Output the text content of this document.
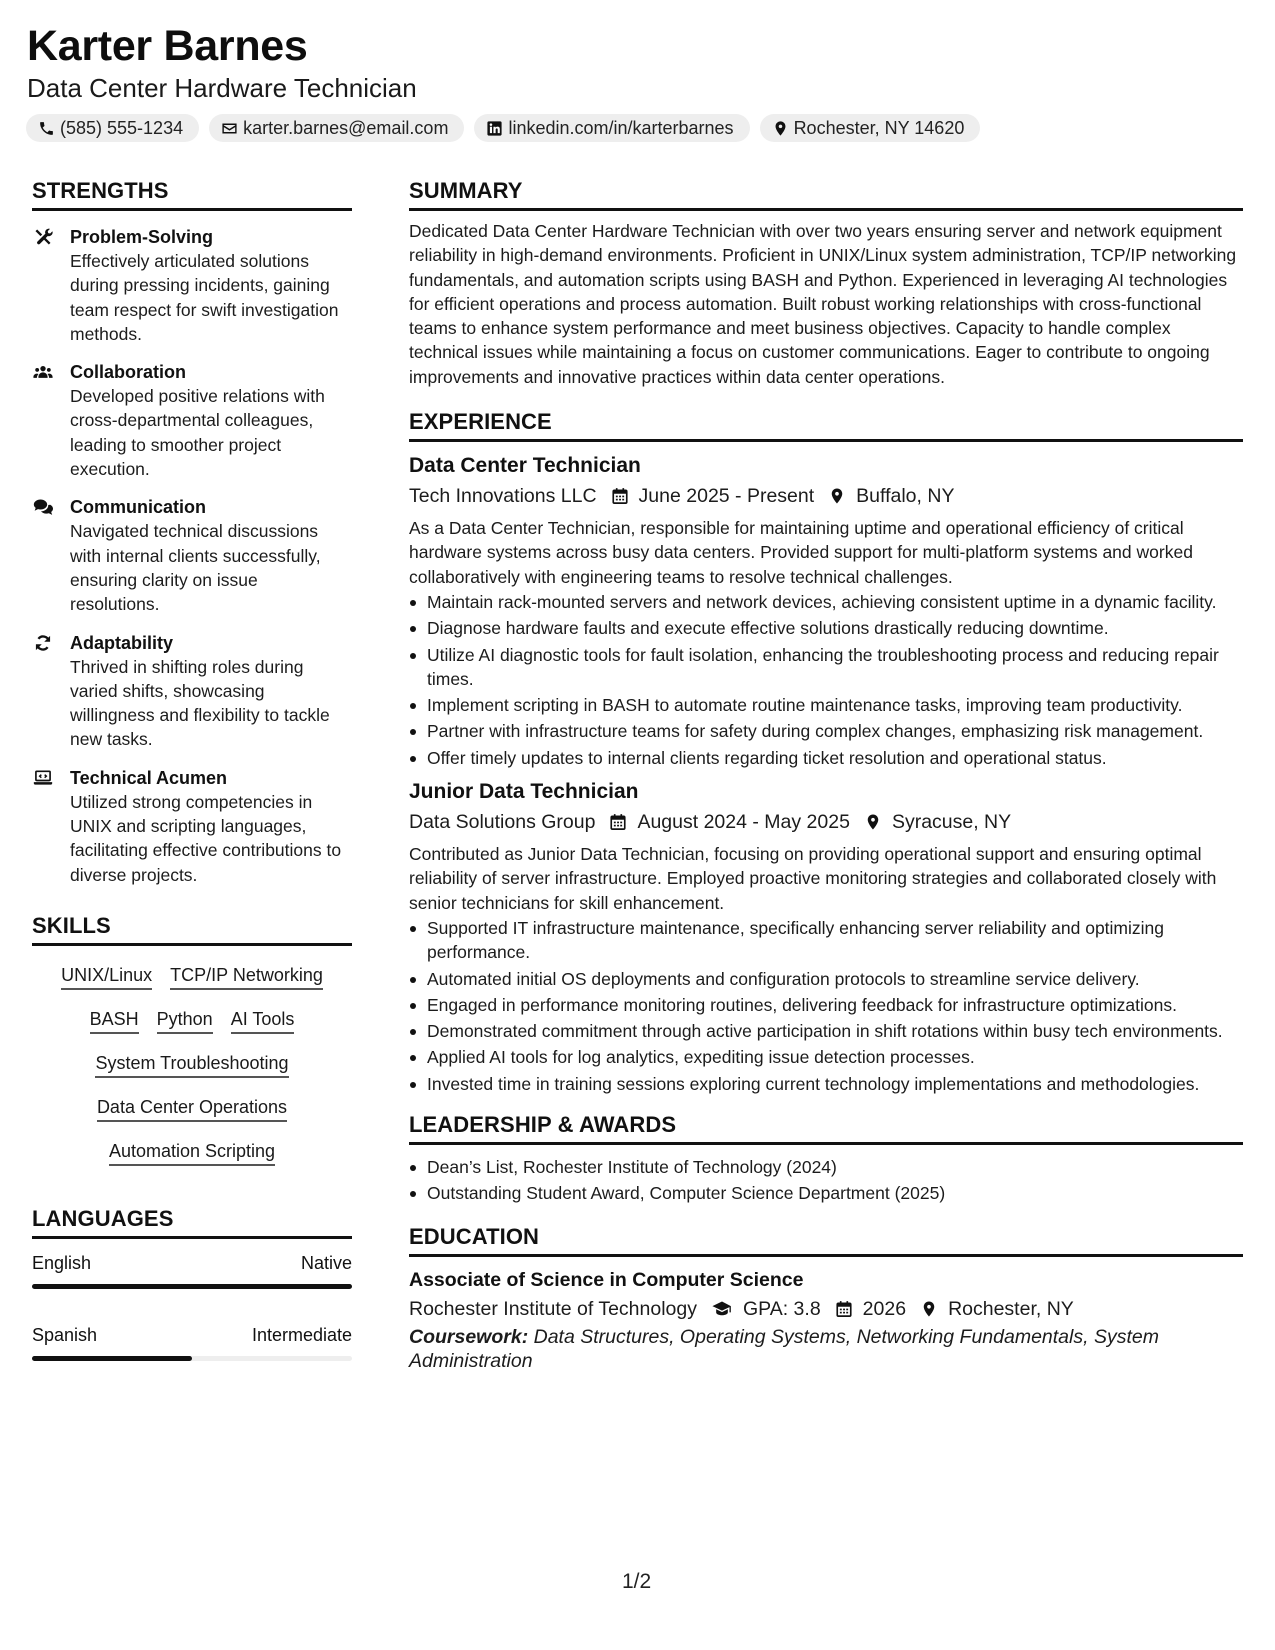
Karter Barnes
Data Center Hardware Technician
(585) 555-1234	karter.barnes@email.com	linkedin.com/in/karterbarnes	Rochester, NY 14620
STRENGTHS
Problem-Solving
Effectively articulated solutions during pressing incidents, gaining team respect for swift investigation methods.
Collaboration
Developed positive relations with cross-departmental colleagues, leading to smoother project execution.
Communication
Navigated technical discussions with internal clients successfully, ensuring clarity on issue resolutions.
Adaptability
Thrived in shifting roles during varied shifts, showcasing willingness and flexibility to tackle new tasks.
Technical Acumen
Utilized strong competencies in UNIX and scripting languages, facilitating effective contributions to diverse projects.
SKILLS
UNIX/Linux TCP/IP Networking
BASH Python AI Tools
System Troubleshooting
Data Center Operations
Automation Scripting
LANGUAGES
English	Native
Spanish	Intermediate
SUMMARY
Dedicated Data Center Hardware Technician with over two years ensuring server and network equipment reliability in high-demand environments. Proficient in UNIX/Linux system administration, TCP/IP networking fundamentals, and automation scripts using BASH and Python. Experienced in leveraging AI technologies for efficient operations and process automation. Built robust working relationships with cross-functional teams to enhance system performance and meet business objectives. Capacity to handle complex technical issues while maintaining a focus on customer communications. Eager to contribute to ongoing improvements and innovative practices within data center operations.
EXPERIENCE
Data Center Technician
Tech Innovations LLC June 2025 - Present Buffalo, NY
As a Data Center Technician, responsible for maintaining uptime and operational efficiency of critical hardware systems across busy data centers. Provided support for multi-platform systems and worked collaboratively with engineering teams to resolve technical challenges.
Maintain rack-mounted servers and network devices, achieving consistent uptime in a dynamic facility.
Diagnose hardware faults and execute effective solutions drastically reducing downtime.
Utilize AI diagnostic tools for fault isolation, enhancing the troubleshooting process and reducing repair times.
Implement scripting in BASH to automate routine maintenance tasks, improving team productivity.
Partner with infrastructure teams for safety during complex changes, emphasizing risk management.
Offer timely updates to internal clients regarding ticket resolution and operational status.
Junior Data Technician
Data Solutions Group August 2024 - May 2025 Syracuse, NY
Contributed as Junior Data Technician, focusing on providing operational support and ensuring optimal reliability of server infrastructure. Employed proactive monitoring strategies and collaborated closely with senior technicians for skill enhancement.
Supported IT infrastructure maintenance, specifically enhancing server reliability and optimizing performance.
Automated initial OS deployments and configuration protocols to streamline service delivery.
Engaged in performance monitoring routines, delivering feedback for infrastructure optimizations.
Demonstrated commitment through active participation in shift rotations within busy tech environments.
Applied AI tools for log analytics, expediting issue detection processes.
Invested time in training sessions exploring current technology implementations and methodologies.
LEADERSHIP & AWARDS
Dean’s List, Rochester Institute of Technology (2024)
Outstanding Student Award, Computer Science Department (2025)
EDUCATION
Associate of Science in Computer Science
Rochester Institute of Technology GPA: 3.8 2026 Rochester, NY
Coursework: Data Structures, Operating Systems, Networking Fundamentals, System Administration
1/2
